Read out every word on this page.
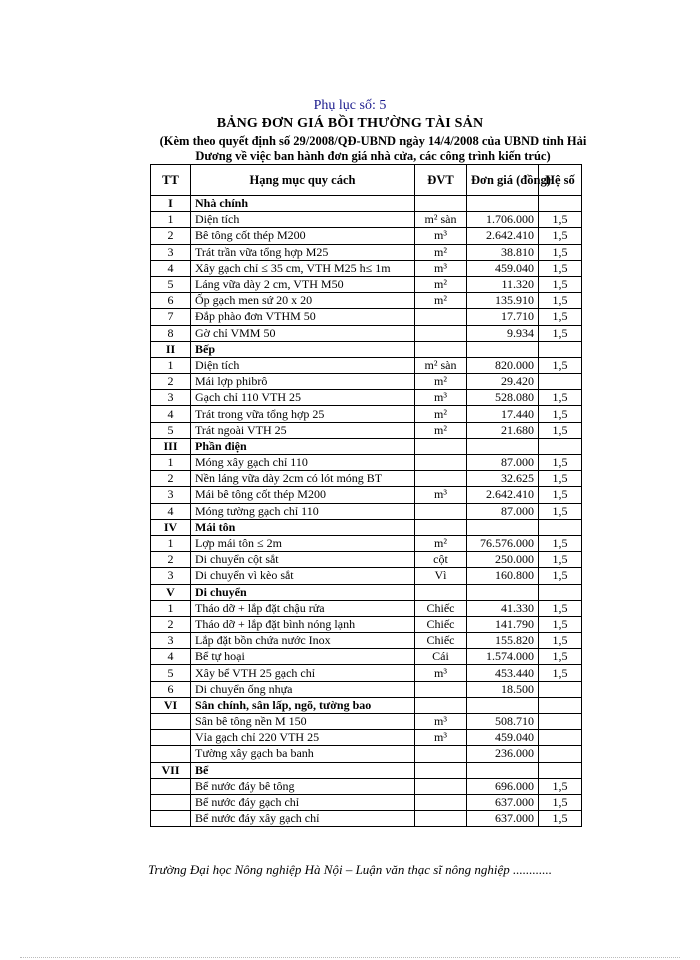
Phụ lục số: 5
BẢNG ĐƠN GIÁ BỒI THƯỜNG TÀI SẢN
(Kèm theo quyết định số 29/2008/QĐ-UBND ngày 14/4/2008 của UBND tỉnh Hải Dương về việc ban hành đơn giá nhà cửa, các công trình kiến trúc)
TT	Hạng mục quy cách	ĐVT	Đơn giá (đồng)	Hệ số
I	Nhà chính			
1	Diện tích	m² sàn	1.706.000	1,5
2	Bê tông cốt thép M200	m³	2.642.410	1,5
3	Trát trần vữa tổng hợp M25	m²	38.810	1,5
4	Xây gạch chỉ ≤ 35 cm, VTH M25 h≤ 1m	m³	459.040	1,5
5	Láng vữa dày 2 cm, VTH M50	m²	11.320	1,5
6	Ốp gạch men sứ 20 x 20	m²	135.910	1,5
7	Đắp phào đơn VTHM 50		17.710	1,5
8	Gờ chỉ VMM 50		9.934	1,5
II	Bếp			
1	Diện tích	m² sàn	820.000	1,5
2	Mái lợp phibrô	m²	29.420	
3	Gạch chỉ 110 VTH 25	m³	528.080	1,5
4	Trát trong vữa tổng hợp 25	m²	17.440	1,5
5	Trát ngoài VTH 25	m²	21.680	1,5
III	Phần điện			
1	Móng xây gạch chỉ 110		87.000	1,5
2	Nền láng vữa dày 2cm có lót móng BT		32.625	1,5
3	Mái bê tông cốt thép M200	m³	2.642.410	1,5
4	Móng tường gạch chỉ 110		87.000	1,5
IV	Mái tôn			
1	Lợp mái tôn ≤ 2m	m²	76.576.000	1,5
2	Di chuyển cột sắt	cột	250.000	1,5
3	Di chuyển vì kèo sắt	Vì	160.800	1,5
V	Di chuyển			
1	Tháo dỡ + lắp đặt chậu rửa	Chiếc	41.330	1,5
2	Tháo dỡ + lắp đặt bình nóng lạnh	Chiếc	141.790	1,5
3	Lắp đặt bồn chứa nước Inox	Chiếc	155.820	1,5
4	Bể tự hoại	Cái	1.574.000	1,5
5	Xây bể VTH 25 gạch chỉ	m³	453.440	1,5
6	Di chuyển ống nhựa		18.500	
VI	Sân chính, sân lấp, ngõ, tường bao			
	Sân bê tông nền M 150	m³	508.710	
	Vỉa gạch chỉ 220 VTH 25	m³	459.040	
	Tường xây gạch ba banh		236.000	
VII	Bể			
	Bể nước đáy bê tông		696.000	1,5
	Bể nước đáy gạch chỉ		637.000	1,5
	Bể nước đáy xây gạch chỉ		637.000	1,5
Trường Đại học Nông nghiệp Hà Nội – Luận văn thạc sĩ nông nghiệp ............
